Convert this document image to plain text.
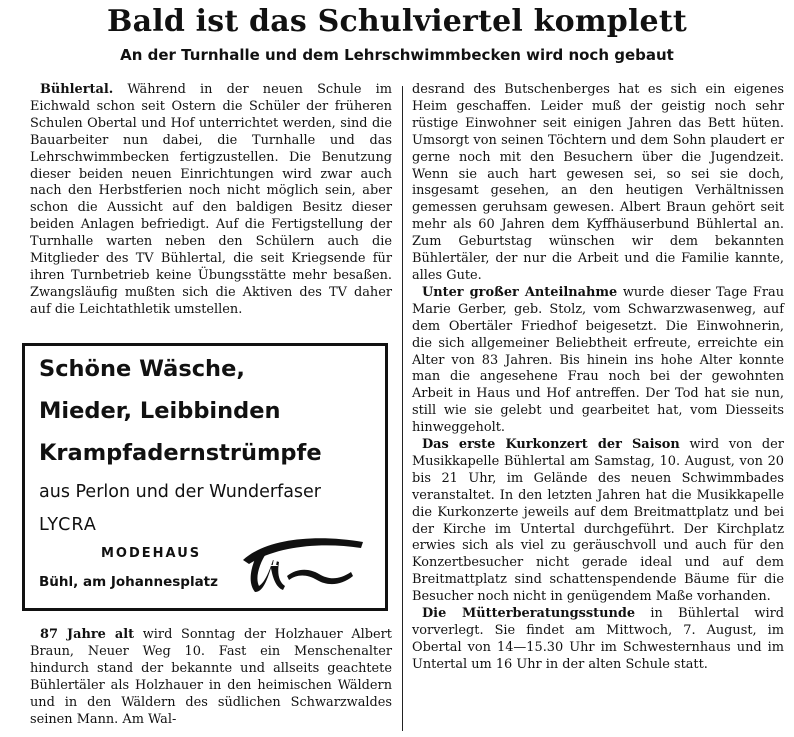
Bald ist das Schulviertel komplett
An der Turnhalle und dem Lehrschwimmbecken wird noch gebaut

Bühlertal. Während in der neuen Schule im Eichwald schon seit Ostern die Schüler der früheren Schulen Obertal und Hof unterrichtet werden, sind die Bauarbeiter nun dabei, die Turnhalle und das Lehrschwimmbecken fertigzustellen. Die Benutzung dieser beiden neuen Einrichtungen wird zwar auch nach den Herbstferien noch nicht möglich sein, aber schon die Aussicht auf den baldigen Besitz dieser beiden Anlagen befriedigt. Auf die Fertigstellung der Turnhalle warten neben den Schülern auch die Mitglieder des TV Bühlertal, die seit Kriegsende für ihren Turnbetrieb keine Übungsstätte mehr besaßen. Zwangsläufig mußten sich die Aktiven des TV daher auf die Leichtathletik umstellen.

Schöne Wäsche,

Mieder, Leibbinden

Krampfadernstrümpfe

aus Perlon und der Wunderfaser

LYCRA

MODEHAUS

Bühl, am Johannesplatz

Hauß

87 Jahre alt wird Sonntag der Holzhauer Albert Braun, Neuer Weg 10. Fast ein Menschenalter hindurch stand der bekannte und allseits geachtete Bühlertäler als Holzhauer in den heimischen Wäldern und in den Wäldern des südlichen Schwarzwaldes seinen Mann. Am Wal-

desrand des Butschenberges hat es sich ein eigenes Heim geschaffen. Leider muß der geistig noch sehr rüstige Einwohner seit einigen Jahren das Bett hüten. Umsorgt von seinen Töchtern und dem Sohn plaudert er gerne noch mit den Besuchern über die Jugendzeit. Wenn sie auch hart gewesen sei, so sei sie doch, insgesamt gesehen, an den heutigen Verhältnissen gemessen geruhsam gewesen. Albert Braun gehört seit mehr als 60 Jahren dem Kyffhäuserbund Bühlertal an. Zum Geburtstag wünschen wir dem bekannten Bühlertäler, der nur die Arbeit und die Familie kannte, alles Gute.

Unter großer Anteilnahme wurde dieser Tage Frau Marie Gerber, geb. Stolz, vom Schwarzwasenweg, auf dem Obertäler Friedhof beigesetzt. Die Einwohnerin, die sich allgemeiner Beliebtheit erfreute, erreichte ein Alter von 83 Jahren. Bis hinein ins hohe Alter konnte man die angesehene Frau noch bei der gewohnten Arbeit in Haus und Hof antreffen. Der Tod hat sie nun, still wie sie gelebt und gearbeitet hat, vom Diesseits hinweggeholt.

Das erste Kurkonzert der Saison wird von der Musikkapelle Bühlertal am Samstag, 10. August, von 20 bis 21 Uhr, im Gelände des neuen Schwimmbades veranstaltet. In den letzten Jahren hat die Musikkapelle die Kurkonzerte jeweils auf dem Breitmattplatz und bei der Kirche im Untertal durchgeführt. Der Kirchplatz erwies sich als viel zu geräuschvoll und auch für den Konzertbesucher nicht gerade ideal und auf dem Breitmattplatz sind schattenspendende Bäume für die Besucher noch nicht in genügendem Maße vorhanden.

Die Mütterberatungsstunde in Bühlertal wird vorverlegt. Sie findet am Mittwoch, 7. August, im Obertal von 14—15.30 Uhr im Schwesternhaus und im Untertal um 16 Uhr in der alten Schule statt.
